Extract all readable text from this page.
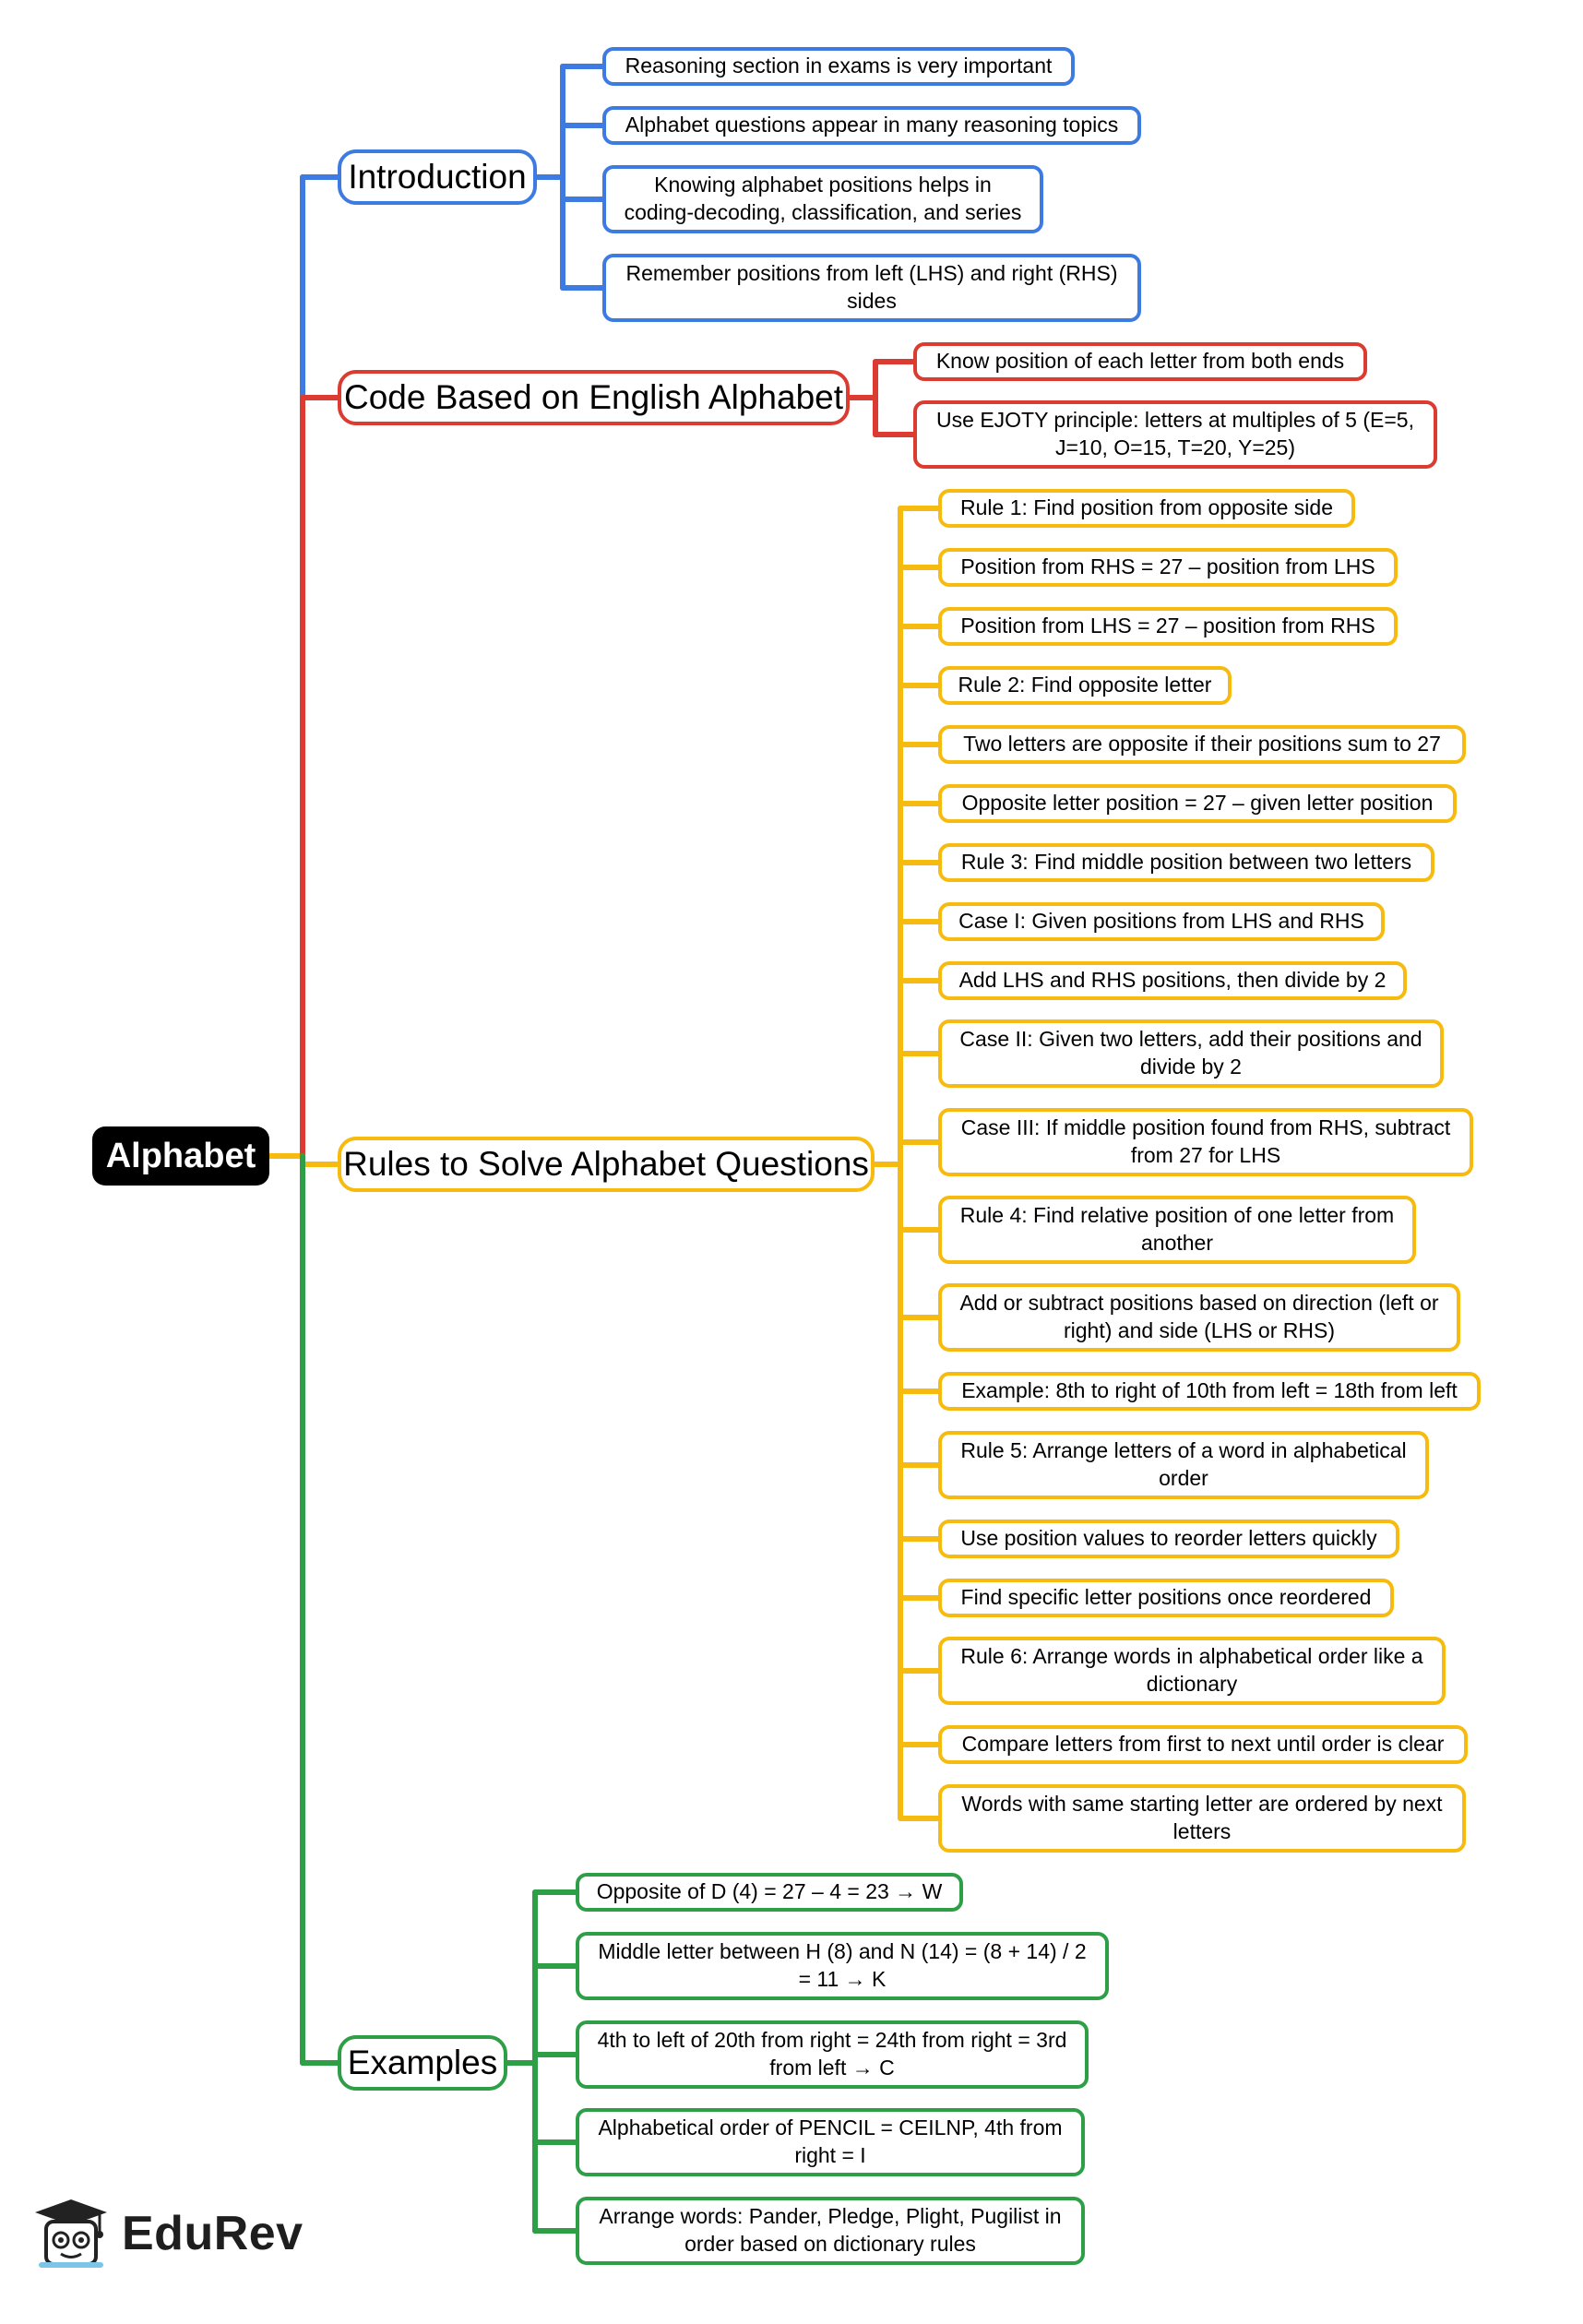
Alphabet
Introduction
Reasoning section in exams is very important
Alphabet questions appear in many reasoning topics
Knowing alphabet positions helps in coding-decoding, classification, and series
Remember positions from left (LHS) and right (RHS) sides
Code Based on English Alphabet
Know position of each letter from both ends
Use EJOTY principle: letters at multiples of 5 (E=5, J=10, O=15, T=20, Y=25)
Rules to Solve Alphabet Questions
Rule 1: Find position from opposite side
Position from RHS = 27 – position from LHS
Position from LHS = 27 – position from RHS
Rule 2: Find opposite letter
Two letters are opposite if their positions sum to 27
Opposite letter position = 27 – given letter position
Rule 3: Find middle position between two letters
Case I: Given positions from LHS and RHS
Add LHS and RHS positions, then divide by 2
Case II: Given two letters, add their positions and divide by 2
Case III: If middle position found from RHS, subtract from 27 for LHS
Rule 4: Find relative position of one letter from another
Add or subtract positions based on direction (left or right) and side (LHS or RHS)
Example: 8th to right of 10th from left = 18th from left
Rule 5: Arrange letters of a word in alphabetical order
Use position values to reorder letters quickly
Find specific letter positions once reordered
Rule 6: Arrange words in alphabetical order like a dictionary
Compare letters from first to next until order is clear
Words with same starting letter are ordered by next letters
Examples
Opposite of D (4) = 27 – 4 = 23 → W
Middle letter between H (8) and N (14) = (8 + 14) / 2 = 11 → K
4th to left of 20th from right = 24th from right = 3rd from left → C
Alphabetical order of PENCIL = CEILNP, 4th from right = I
Arrange words: Pander, Pledge, Plight, Pugilist in order based on dictionary rules
EduRev
